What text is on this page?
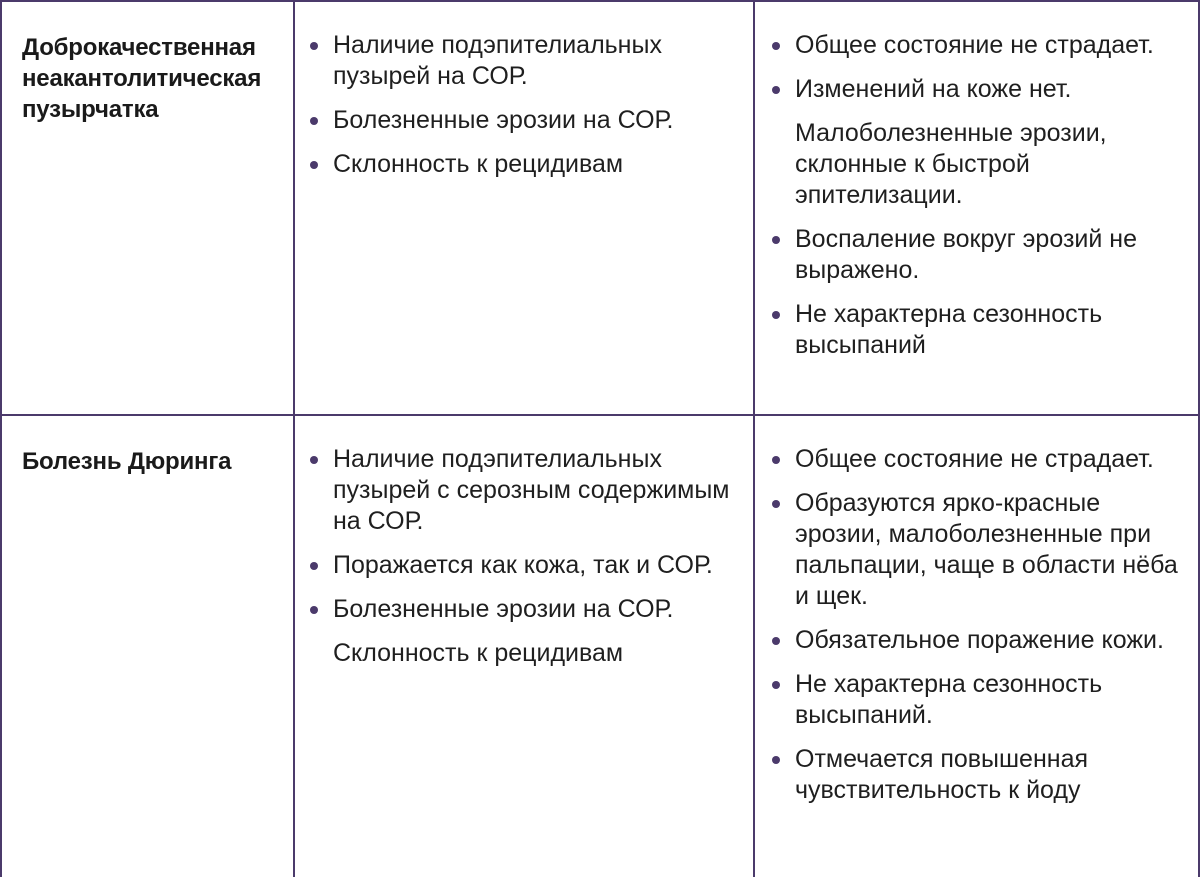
Доброкачественная неакантолитическая пузырчатка
Наличие подэпителиальных пузырей на СОР.
Болезненные эрозии на СОР.
Склонность к рецидивам
Общее состояние не страдает.
Изменений на коже нет.
Малоболезненные эрозии, склонные к быстрой эпителизации.
Воспаление вокруг эрозий не выражено.
Не характерна сезонность высыпаний
Болезнь Дюринга	Наличие подэпителиальных пузырей с серозным содержимым на СОР.
Поражается как кожа, так и СОР.
Болезненные эрозии на СОР.
Склонность к рецидивам
Общее состояние не страдает.
Образуются ярко-красные эрозии, малоболезненные при пальпации, чаще в области нёба и щек.
Обязательное поражение кожи.
Не характерна сезонность высыпаний.
Отмечается повышенная чувствительность к йоду
